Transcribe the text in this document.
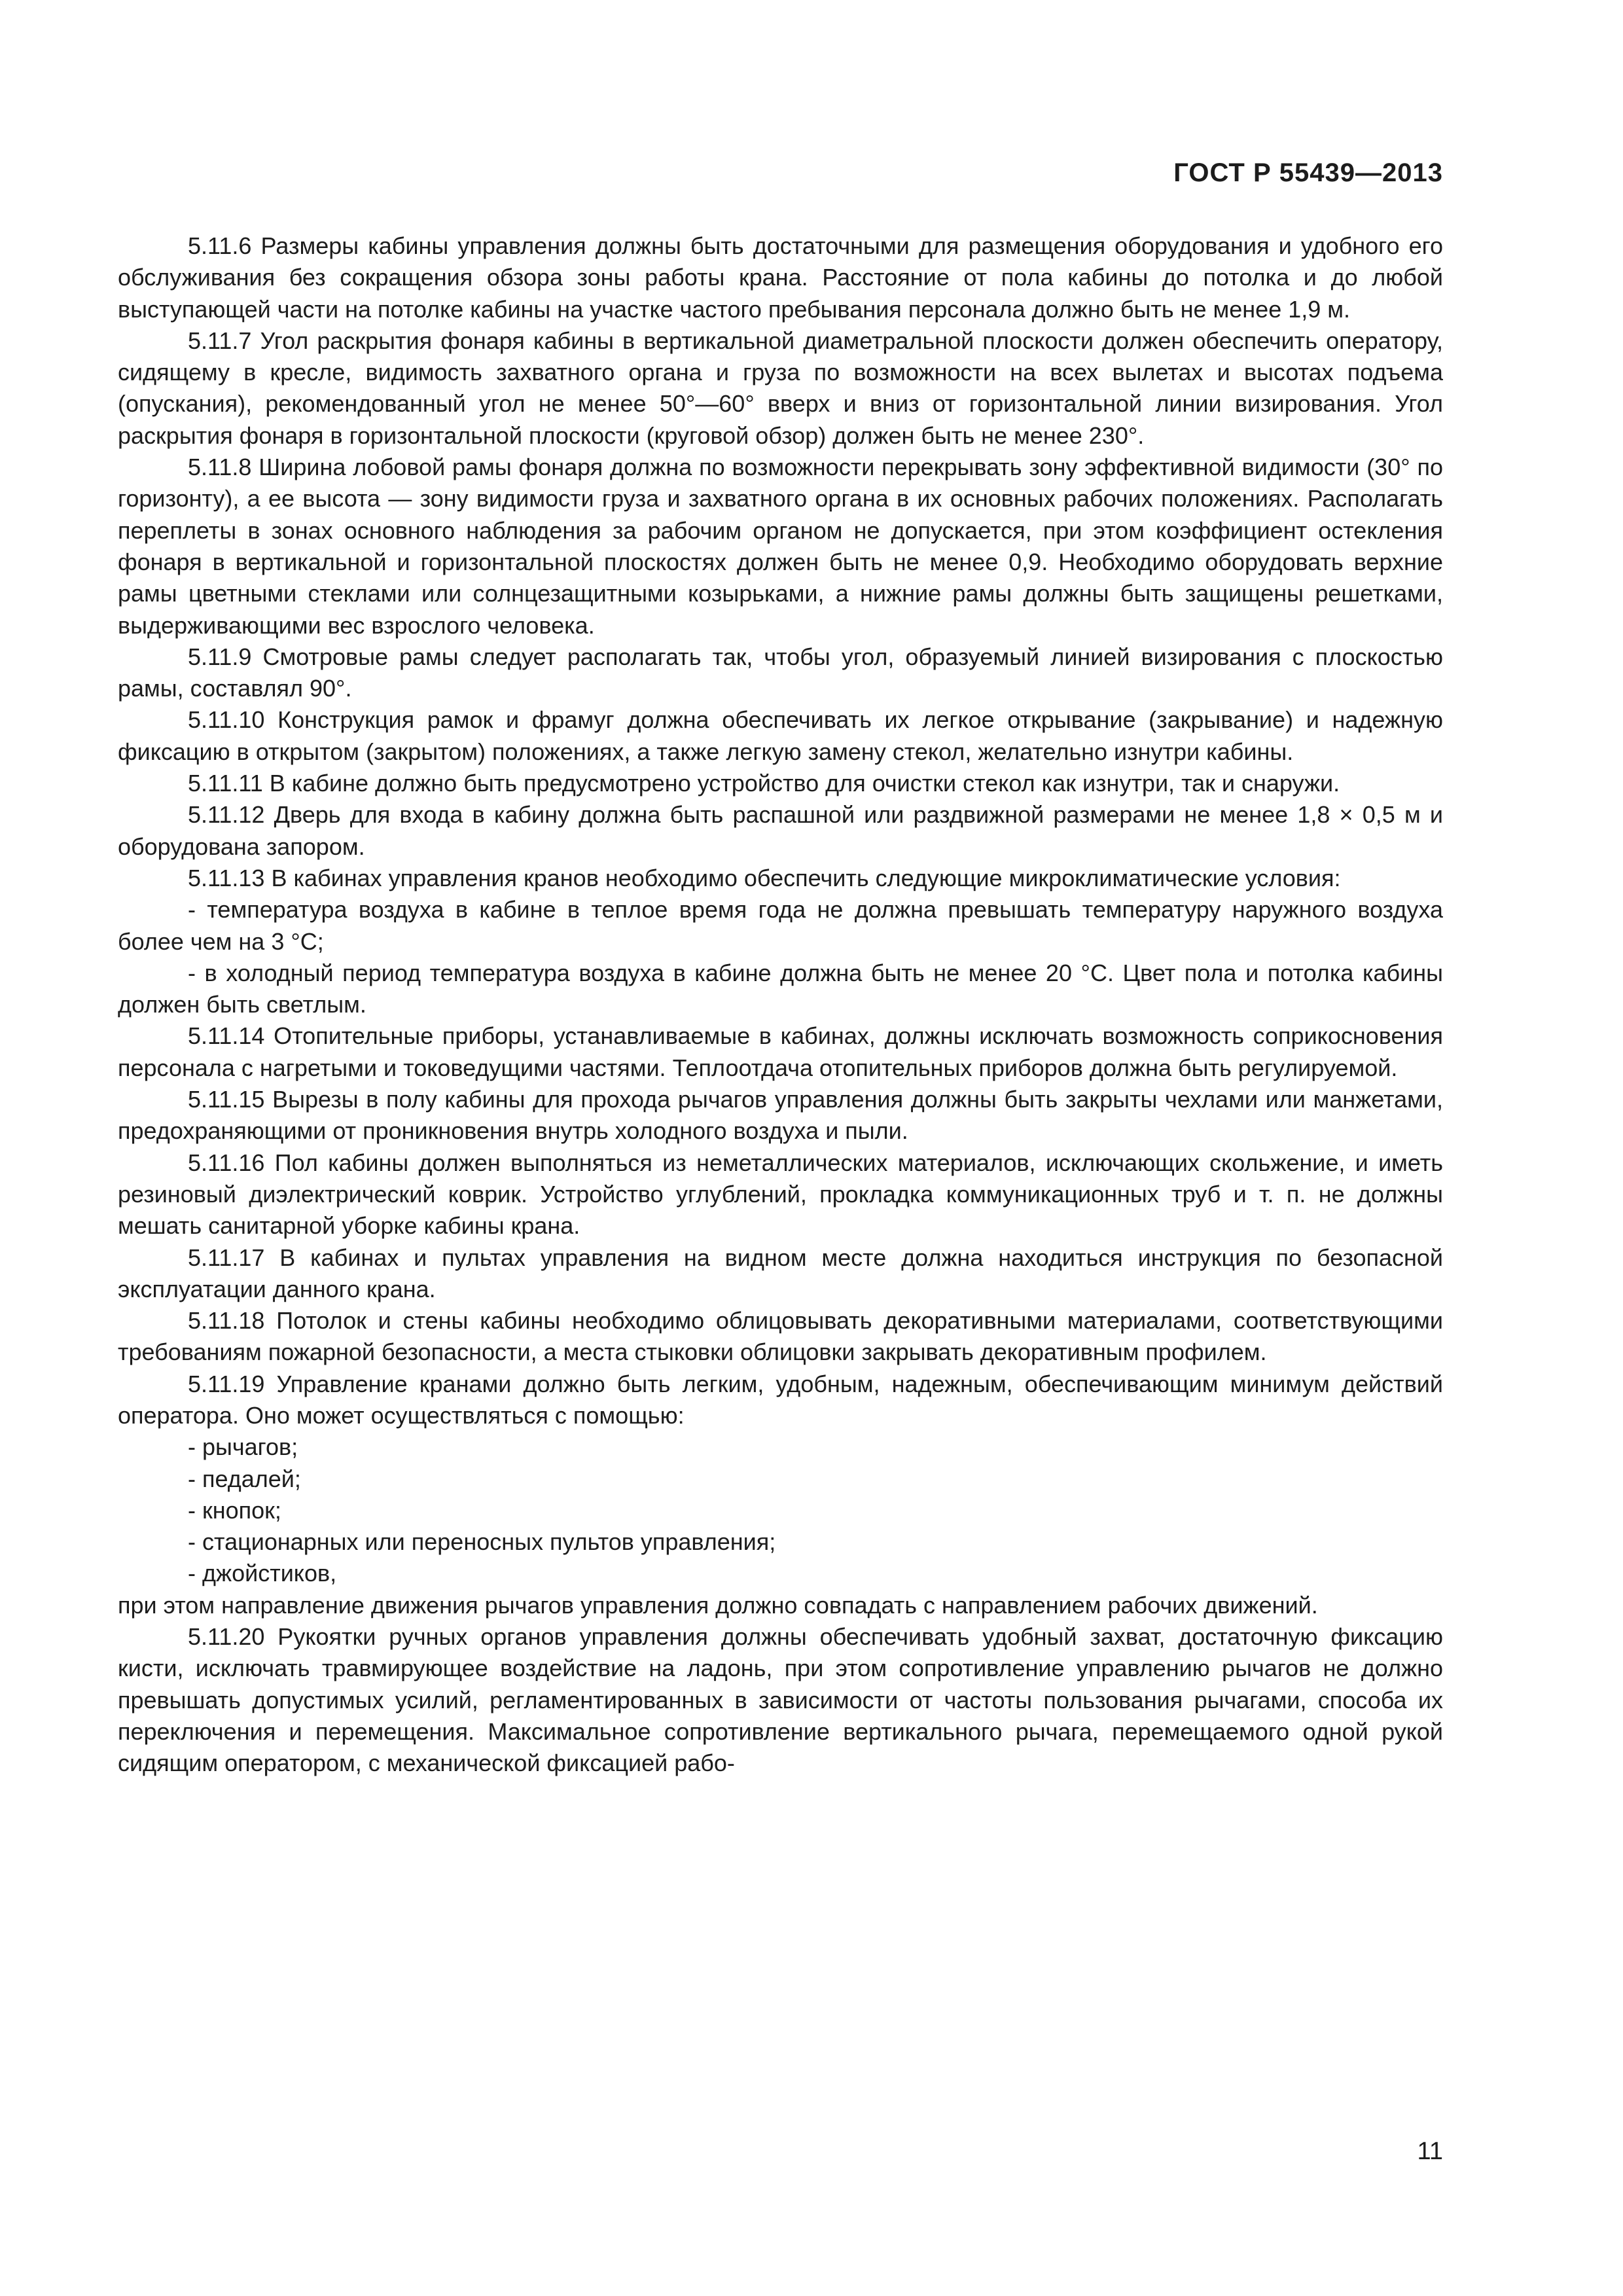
ГОСТ Р 55439—2013

5.11.6 Размеры кабины управления должны быть достаточными для размещения оборудования и удобного его обслуживания без сокращения обзора зоны работы крана. Расстояние от пола кабины до потолка и до любой выступающей части на потолке кабины на участке частого пребывания персонала должно быть не менее 1,9 м.

5.11.7 Угол раскрытия фонаря кабины в вертикальной диаметральной плоскости должен обеспечить оператору, сидящему в кресле, видимость захватного органа и груза по возможности на всех вылетах и высотах подъема (опускания), рекомендованный угол не менее 50°—60° вверх и вниз от горизонтальной линии визирования. Угол раскрытия фонаря в горизонтальной плоскости (круговой обзор) должен быть не менее 230°.

5.11.8 Ширина лобовой рамы фонаря должна по возможности перекрывать зону эффективной видимости (30° по горизонту), а ее высота — зону видимости груза и захватного органа в их основных рабочих положениях. Располагать переплеты в зонах основного наблюдения за рабочим органом не допускается, при этом коэффициент остекления фонаря в вертикальной и горизонтальной плоскостях должен быть не менее 0,9. Необходимо оборудовать верхние рамы цветными стеклами или солнцезащитными козырьками, а нижние рамы должны быть защищены решетками, выдерживающими вес взрослого человека.

5.11.9 Смотровые рамы следует располагать так, чтобы угол, образуемый линией визирования с плоскостью рамы, составлял 90°.

5.11.10 Конструкция рамок и фрамуг должна обеспечивать их легкое открывание (закрывание) и надежную фиксацию в открытом (закрытом) положениях, а также легкую замену стекол, желательно изнутри кабины.

5.11.11 В кабине должно быть предусмотрено устройство для очистки стекол как изнутри, так и снаружи.

5.11.12 Дверь для входа в кабину должна быть распашной или раздвижной размерами не менее 1,8 × 0,5 м и оборудована запором.

5.11.13 В кабинах управления кранов необходимо обеспечить следующие микроклиматические условия:

- температура воздуха в кабине в теплое время года не должна превышать температуру наружного воздуха более чем на 3 °C;

- в холодный период температура воздуха в кабине должна быть не менее 20 °C. Цвет пола и потолка кабины должен быть светлым.

5.11.14 Отопительные приборы, устанавливаемые в кабинах, должны исключать возможность соприкосновения персонала с нагретыми и токоведущими частями. Теплоотдача отопительных приборов должна быть регулируемой.

5.11.15 Вырезы в полу кабины для прохода рычагов управления должны быть закрыты чехлами или манжетами, предохраняющими от проникновения внутрь холодного воздуха и пыли.

5.11.16 Пол кабины должен выполняться из неметаллических материалов, исключающих скольжение, и иметь резиновый диэлектрический коврик. Устройство углублений, прокладка коммуникационных труб и т. п. не должны мешать санитарной уборке кабины крана.

5.11.17 В кабинах и пультах управления на видном месте должна находиться инструкция по безопасной эксплуатации данного крана.

5.11.18 Потолок и стены кабины необходимо облицовывать декоративными материалами, соответствующими требованиям пожарной безопасности, а места стыковки облицовки закрывать декоративным профилем.

5.11.19 Управление кранами должно быть легким, удобным, надежным, обеспечивающим минимум действий оператора. Оно может осуществляться с помощью:

- рычагов;

- педалей;

- кнопок;

- стационарных или переносных пультов управления;

- джойстиков,

при этом направление движения рычагов управления должно совпадать с направлением рабочих движений.

5.11.20 Рукоятки ручных органов управления должны обеспечивать удобный захват, достаточную фиксацию кисти, исключать травмирующее воздействие на ладонь, при этом сопротивление управлению рычагов не должно превышать допустимых усилий, регламентированных в зависимости от частоты пользования рычагами, способа их переключения и перемещения. Максимальное сопротивление вертикального рычага, перемещаемого одной рукой сидящим оператором, с механической фиксацией рабо-

11
